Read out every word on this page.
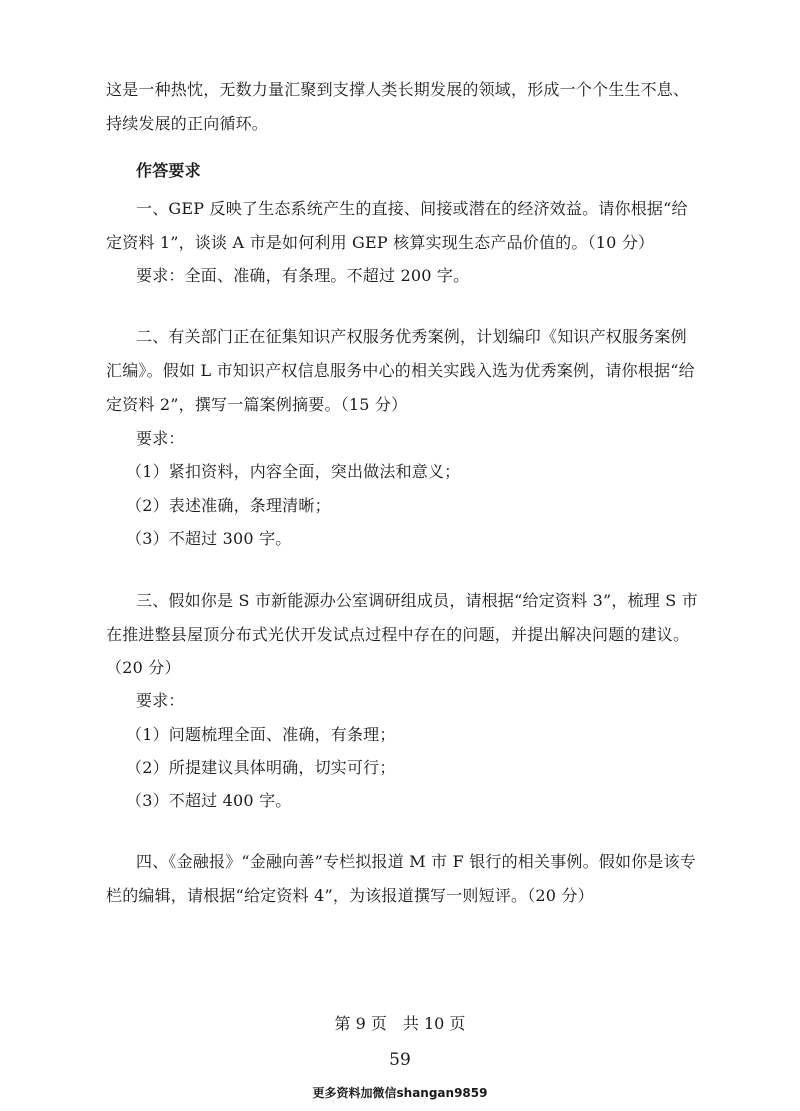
这是一种热忱，无数力量汇聚到支撑人类长期发展的领域，形成一个个生生不息、
持续发展的正向循环。
作答要求
一、GEP 反映了生态系统产生的直接、间接或潜在的经济效益。请你根据“给
定资料 1”，谈谈 A 市是如何利用 GEP 核算实现生态产品价值的。（10 分）
要求：全面、准确，有条理。不超过 200 字。
二、有关部门正在征集知识产权服务优秀案例，计划编印《知识产权服务案例
汇编》。假如 L 市知识产权信息服务中心的相关实践入选为优秀案例，请你根据“给
定资料 2”，撰写一篇案例摘要。（15 分）
要求：
（1）紧扣资料，内容全面，突出做法和意义；
（2）表述准确，条理清晰；
（3）不超过 300 字。
三、假如你是 S 市新能源办公室调研组成员，请根据“给定资料 3”，梳理 S 市
在推进整县屋顶分布式光伏开发试点过程中存在的问题，并提出解决问题的建议。
（20 分）
要求：
（1）问题梳理全面、准确，有条理；
（2）所提建议具体明确，切实可行；
（3）不超过 400 字。
四、《金融报》“金融向善”专栏拟报道 M 市 F 银行的相关事例。假如你是该专
栏的编辑，请根据“给定资料 4”，为该报道撰写一则短评。（20 分）
第 9 页　共 10 页
59
更多资料加微信shangan9859
